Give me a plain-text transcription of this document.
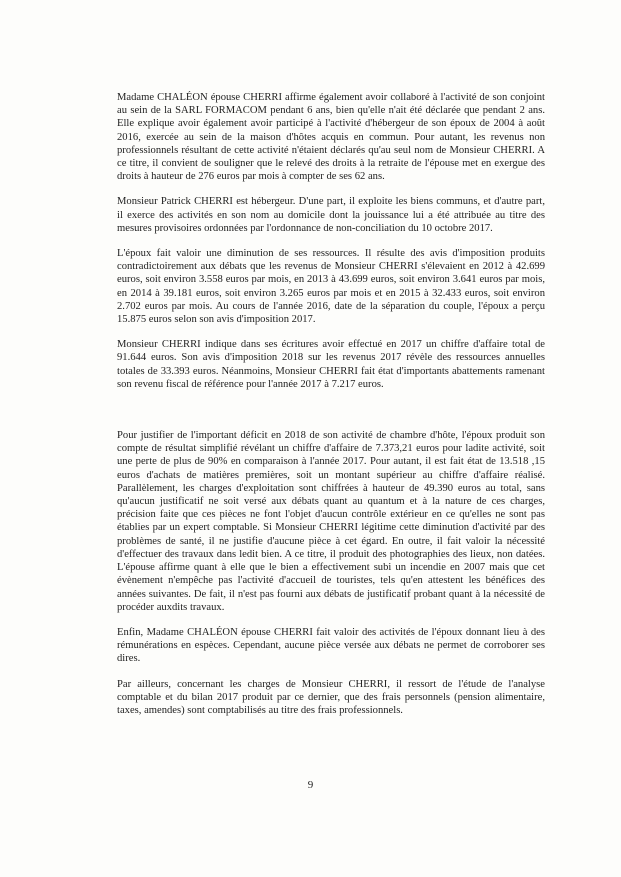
Madame CHALÉON épouse CHERRI affirme également avoir collaboré à l'activité de son conjoint au sein de la SARL FORMACOM pendant 6 ans, bien qu'elle n'ait été déclarée que pendant 2 ans. Elle explique avoir également avoir participé à l'activité d'hébergeur de son époux de 2004 à août 2016, exercée au sein de la maison d'hôtes acquis en commun. Pour autant, les revenus non professionnels résultant de cette activité n'étaient déclarés qu'au seul nom de Monsieur CHERRI. A ce titre, il convient de souligner que le relevé des droits à la retraite de l'épouse met en exergue des droits à hauteur de 276 euros par mois à compter de ses 62 ans.

Monsieur Patrick CHERRI est hébergeur. D'une part, il exploite les biens communs, et d'autre part, il exerce des activités en son nom au domicile dont la jouissance lui a été attribuée au titre des mesures provisoires ordonnées par l'ordonnance de non-conciliation du 10 octobre 2017.

L'époux fait valoir une diminution de ses ressources. Il résulte des avis d'imposition produits contradictoirement aux débats que les revenus de Monsieur CHERRI s'élevaient en 2012 à 42.699 euros, soit environ 3.558 euros par mois, en 2013 à 43.699 euros, soit environ 3.641 euros par mois, en 2014 à 39.181 euros, soit environ 3.265 euros par mois et en 2015 à 32.433 euros, soit environ 2.702 euros par mois. Au cours de l'année 2016, date de la séparation du couple, l'époux a perçu 15.875 euros selon son avis d'imposition 2017.

Monsieur CHERRI indique dans ses écritures avoir effectué en 2017 un chiffre d'affaire total de 91.644 euros. Son avis d'imposition 2018 sur les revenus 2017 révèle des ressources annuelles totales de 33.393 euros. Néanmoins, Monsieur CHERRI fait état d'importants abattements ramenant son revenu fiscal de référence pour l'année 2017 à 7.217 euros.

Pour justifier de l'important déficit en 2018 de son activité de chambre d'hôte, l'époux produit son compte de résultat simplifié révélant un chiffre d'affaire de 7.373,21 euros pour ladite activité, soit une perte de plus de 90% en comparaison à l'année 2017. Pour autant, il est fait état de 13.518 ,15 euros d'achats de matières premières, soit un montant supérieur au chiffre d'affaire réalisé. Parallèlement, les charges d'exploitation sont chiffrées à hauteur de 49.390 euros au total, sans qu'aucun justificatif ne soit versé aux débats quant au quantum et à la nature de ces charges, précision faite que ces pièces ne font l'objet d'aucun contrôle extérieur en ce qu'elles ne sont pas établies par un expert comptable. Si Monsieur CHERRI légitime cette diminution d'activité par des problèmes de santé, il ne justifie d'aucune pièce à cet égard. En outre, il fait valoir la nécessité d'effectuer des travaux dans ledit bien. A ce titre, il produit des photographies des lieux, non datées. L'épouse affirme quant à elle que le bien a effectivement subi un incendie en 2007 mais que cet évènement n'empêche pas l'activité d'accueil de touristes, tels qu'en attestent les bénéfices des années suivantes. De fait, il n'est pas fourni aux débats de justificatif probant quant à la nécessité de procéder auxdits travaux.

Enfin, Madame CHALÉON épouse CHERRI fait valoir des activités de l'époux donnant lieu à des rémunérations en espèces. Cependant, aucune pièce versée aux débats ne permet de corroborer ses dires.

Par ailleurs, concernant les charges de Monsieur CHERRI, il ressort de l'étude de l'analyse comptable et du bilan 2017 produit par ce dernier, que des frais personnels (pension alimentaire, taxes, amendes) sont comptabilisés au titre des frais professionnels.

9
